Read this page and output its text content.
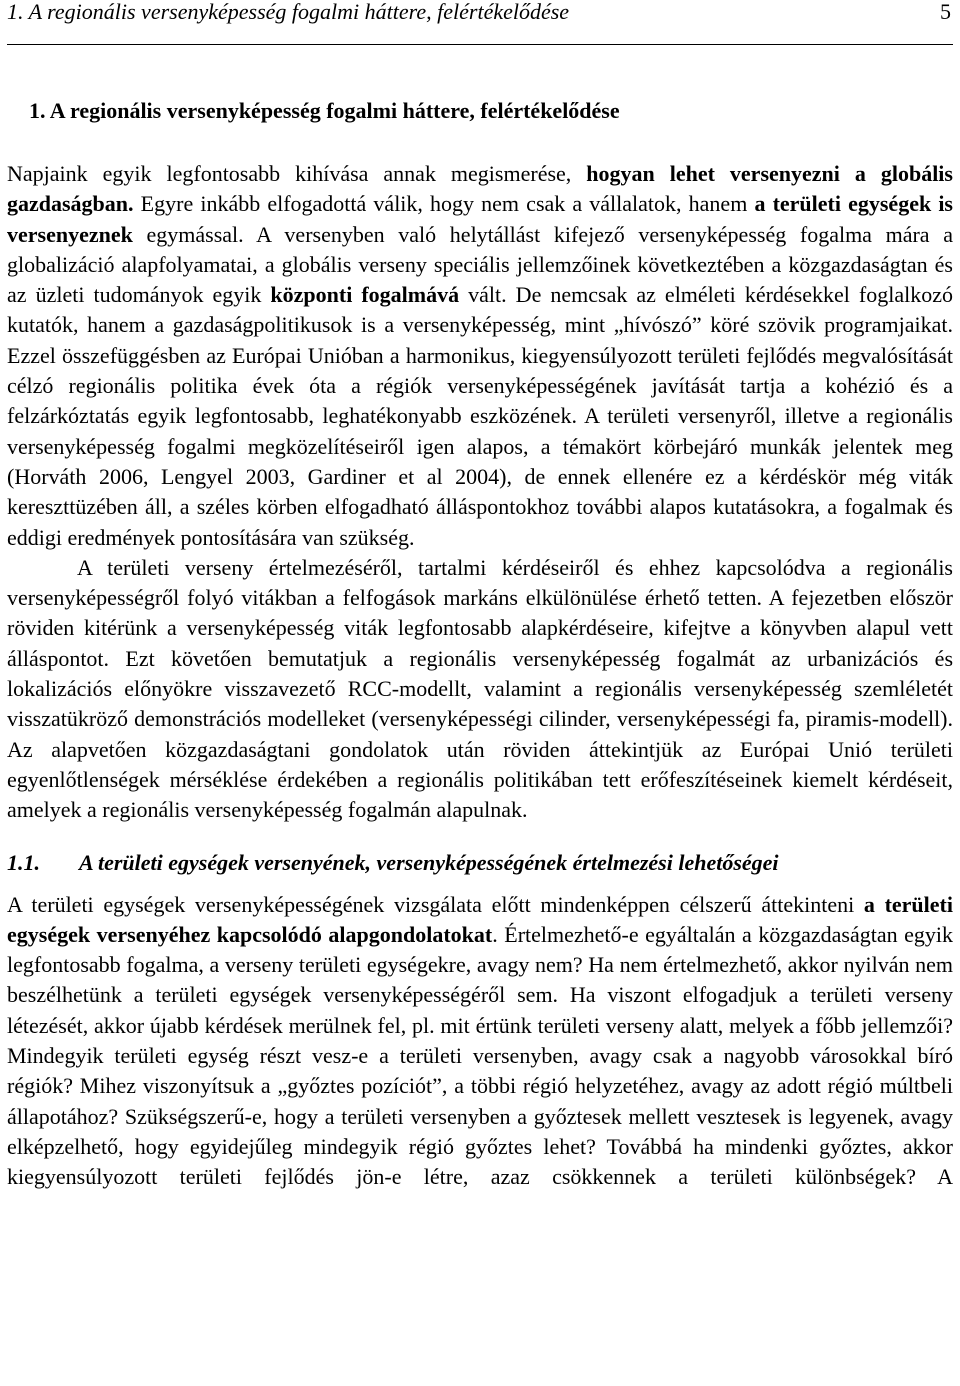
1. A regionális versenyképesség fogalmi háttere, felértékelődése	5
1. A regionális versenyképesség fogalmi háttere, felértékelődése

Napjaink egyik legfontosabb kihívása annak megismerése, hogyan lehet versenyezni a globális gazdaságban. Egyre inkább elfogadottá válik, hogy nem csak a vállalatok, hanem a területi egységek is versenyeznek egymással. A versenyben való helytállást kifejező versenyképesség fogalma mára a globalizáció alapfolyamatai, a globális verseny speciális jellemzőinek következtében a közgazdaságtan és az üzleti tudományok egyik központi fogalmává vált. De nemcsak az elméleti kérdésekkel foglalkozó kutatók, hanem a gazdaságpolitikusok is a versenyképesség, mint „hívószó” köré szövik programjaikat. Ezzel összefüggésben az Európai Unióban a harmonikus, kiegyensúlyozott területi fejlődés megvalósítását célzó regionális politika évek óta a régiók versenyképességének javítását tartja a kohézió és a felzárkóztatás egyik legfontosabb, leghatékonyabb eszközének. A területi versenyről, illetve a regionális versenyképesség fogalmi megközelítéseiről igen alapos, a témakört körbejáró munkák jelentek meg (Horváth 2006, Lengyel 2003, Gardiner et al 2004), de ennek ellenére ez a kérdéskör még viták kereszttüzében áll, a széles körben elfogadható álláspontokhoz további alapos kutatásokra, a fogalmak és eddigi eredmények pontosítására van szükség.

A területi verseny értelmezéséről, tartalmi kérdéseiről és ehhez kapcsolódva a regionális versenyképességről folyó vitákban a felfogások markáns elkülönülése érhető tetten. A fejezetben először röviden kitérünk a versenyképesség viták legfontosabb alapkérdéseire, kifejtve a könyvben alapul vett álláspontot. Ezt követően bemutatjuk a regionális versenyképesség fogalmát az urbanizációs és lokalizációs előnyökre visszavezető RCC-modellt, valamint a regionális versenyképesség szemléletét visszatükröző demonstrációs modelleket (versenyképességi cilinder, versenyképességi fa, piramis-modell). Az alapvetően közgazdaságtani gondolatok után röviden áttekintjük az Európai Unió területi egyenlőtlenségek mérséklése érdekében a regionális politikában tett erőfeszítéseinek kiemelt kérdéseit, amelyek a regionális versenyképesség fogalmán alapulnak.

1.1. A területi egységek versenyének, versenyképességének értelmezési lehetőségei

A területi egységek versenyképességének vizsgálata előtt mindenképpen célszerű áttekinteni a területi egységek versenyéhez kapcsolódó alapgondolatokat. Értelmezhető-e egyáltalán a közgazdaságtan egyik legfontosabb fogalma, a verseny területi egységekre, avagy nem? Ha nem értelmezhető, akkor nyilván nem beszélhetünk a területi egységek versenyképességéről sem. Ha viszont elfogadjuk a területi verseny létezését, akkor újabb kérdések merülnek fel, pl. mit értünk területi verseny alatt, melyek a főbb jellemzői? Mindegyik területi egység részt vesz-e a területi versenyben, avagy csak a nagyobb városokkal bíró régiók? Mihez viszonyítsuk a „győztes pozíciót”, a többi régió helyzetéhez, avagy az adott régió múltbeli állapotához? Szükségszerű-e, hogy a területi versenyben a győztesek mellett vesztesek is legyenek, avagy elképzelhető, hogy egyidejűleg mindegyik régió győztes lehet? Továbbá ha mindenki győztes, akkor kiegyensúlyozott területi fejlődés jön-e létre, azaz csökkennek a területi különbségek? A
